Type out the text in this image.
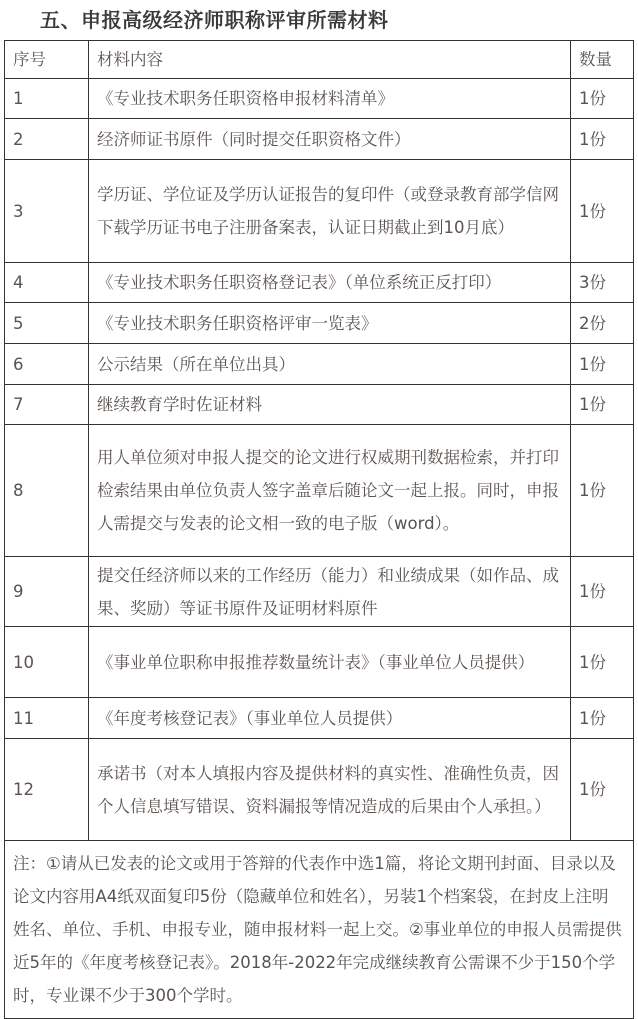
五、申报高级经济师职称评审所需材料
序号	材料内容	数量
1	《专业技术职务任职资格申报材料清单》	1份
2	经济师证书原件（同时提交任职资格文件）	1份
3	学历证、学位证及学历认证报告的复印件（或登录教育部学信网下载学历证书电子注册备案表，认证日期截止到10月底）	1份
4	《专业技术职务任职资格登记表》（单位系统正反打印）	3份
5	《专业技术职务任职资格评审一览表》	2份
6	公示结果（所在单位出具）	1份
7	继续教育学时佐证材料	1份
8	用人单位须对申报人提交的论文进行权威期刊数据检索，并打印检索结果由单位负责人签字盖章后随论文一起上报。同时，申报人需提交与发表的论文相一致的电子版（word）。	1份
9	提交任经济师以来的工作经历（能力）和业绩成果（如作品、成果、奖励）等证书原件及证明材料原件	1份
10	《事业单位职称申报推荐数量统计表》（事业单位人员提供）	1份
11	《年度考核登记表》（事业单位人员提供）	1份
12	承诺书（对本人填报内容及提供材料的真实性、准确性负责，因个人信息填写错误、资料漏报等情况造成的后果由个人承担。）	1份
注：①请从已发表的论文或用于答辩的代表作中选1篇，将论文期刊封面、目录以及论文内容用A4纸双面复印5份（隐藏单位和姓名），另装1个档案袋，在封皮上注明姓名、单位、手机、申报专业，随申报材料一起上交。②事业单位的申报人员需提供近5年的《年度考核登记表》。2018年-2022年完成继续教育公需课不少于150个学时，专业课不少于300个学时。		
